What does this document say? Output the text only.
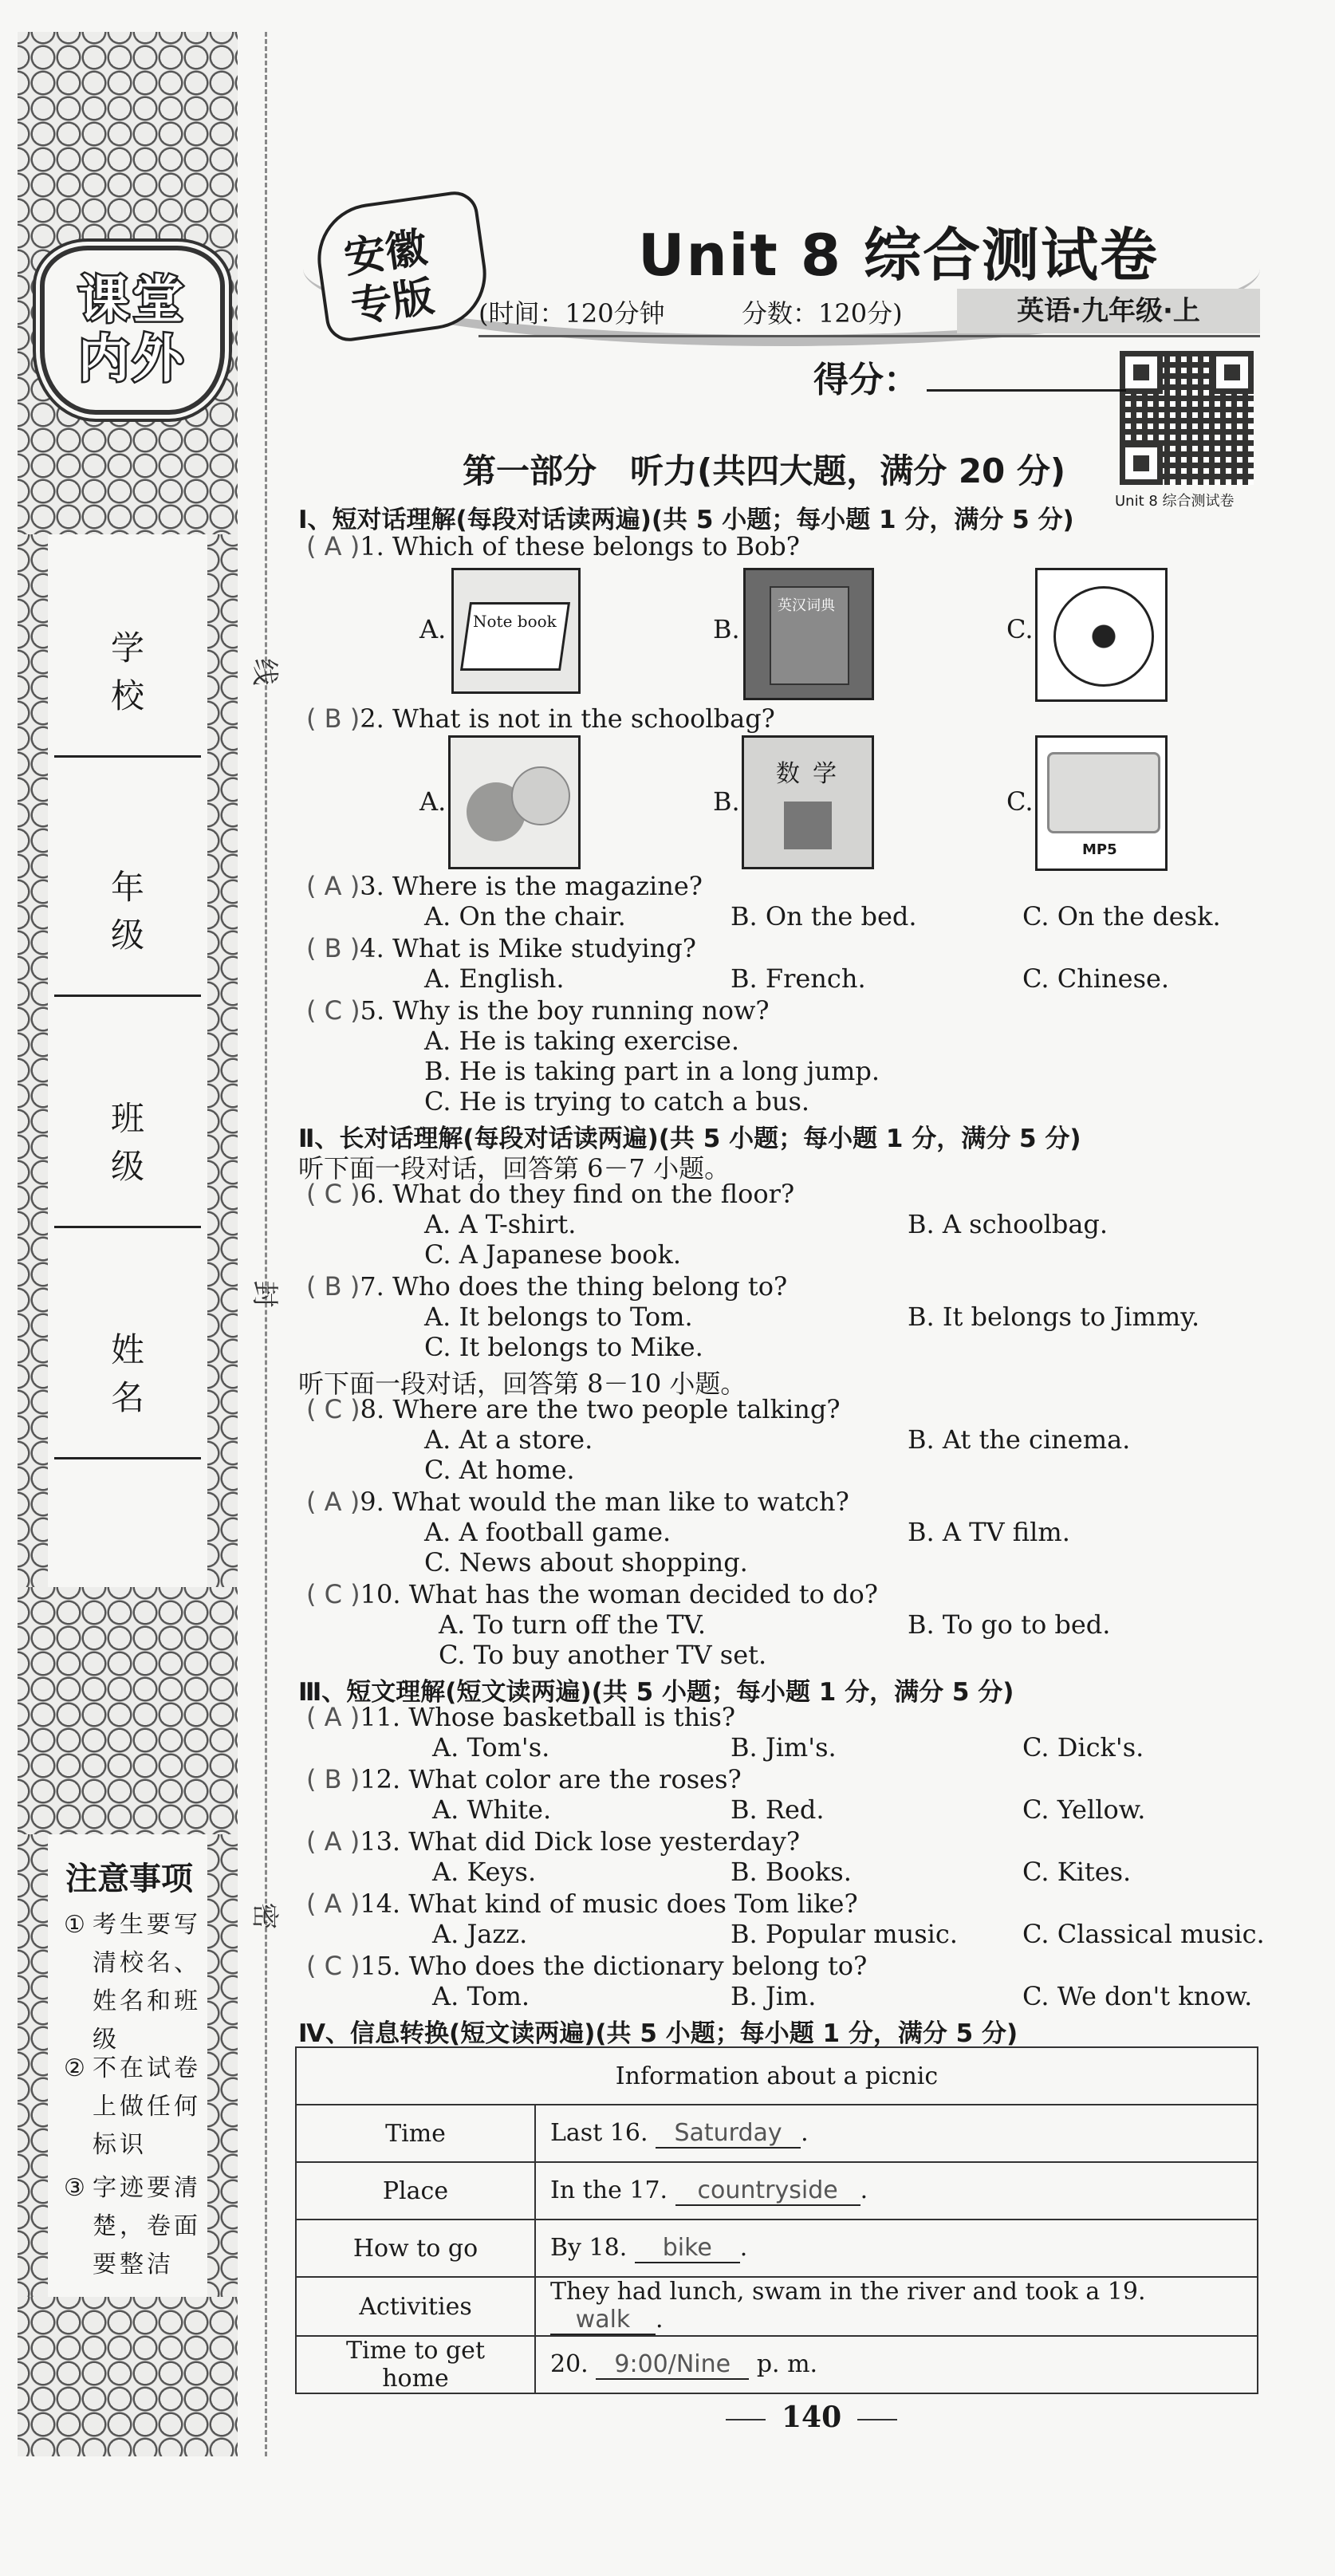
课堂
内外
学校
年级
班级
姓名
注意事项
① 考生要写清校名、姓名和班级
② 不在试卷上做任何标识
③ 字迹要清楚，卷面要整洁
线
封
密
安徽
专版
Unit 8 综合测试卷
(时间：120分钟	分数：120分)	英语·九年级·上
得分：
Unit 8 综合测试卷
第一部分　听力(共四大题，满分 20 分)
Ⅰ、短对话理解(每段对话读两遍)(共 5 小题；每小题 1 分，满分 5 分)
( A )1. Which of these belongs to Bob?
A. Note book	B.
英汉词典
C.
( B )2. What is not in the schoolbag?
A.	B.
数学
C.
MP5
( A )3. Where is the magazine?
A. On the chair.	B. On the bed.	C. On the desk.
( B )4. What is Mike studying?
A. English.	B. French.	C. Chinese.
( C )5. Why is the boy running now?
A. He is taking exercise.
B. He is taking part in a long jump.
C. He is trying to catch a bus.
Ⅱ、长对话理解(每段对话读两遍)(共 5 小题；每小题 1 分，满分 5 分)
听下面一段对话，回答第 6－7 小题。
( C )6. What do they find on the floor?
A. A T-shirt.	B. A schoolbag.
C. A Japanese book.
( B )7. Who does the thing belong to?
A. It belongs to Tom.	B. It belongs to Jimmy.
C. It belongs to Mike.
听下面一段对话，回答第 8－10 小题。
( C )8. Where are the two people talking?
A. At a store.	B. At the cinema.
C. At home.
( A )9. What would the man like to watch?
A. A football game.	B. A TV film.
C. News about shopping.
( C )10. What has the woman decided to do?
A. To turn off the TV.	B. To go to bed.
C. To buy another TV set.
Ⅲ、短文理解(短文读两遍)(共 5 小题；每小题 1 分，满分 5 分)
( A )11. Whose basketball is this?
A. Tom's.	B. Jim's.	C. Dick's.
( B )12. What color are the roses?
A. White.	B. Red.	C. Yellow.
( A )13. What did Dick lose yesterday?
A. Keys.	B. Books.	C. Kites.
( A )14. What kind of music does Tom like?
A. Jazz.	B. Popular music.	C. Classical music.
( C )15. Who does the dictionary belong to?
A. Tom.	B. Jim.	C. We don't know.
Ⅳ、信息转换(短文读两遍)(共 5 小题；每小题 1 分，满分 5 分)
Information about a picnic	
Time	Last 16. Saturday .
Place	In the 17. countryside .
How to go	By 18. bike .
Activities	They had lunch, swam in the river and took a 19. walk .
Time to get home	20. 9:00/Nine p. m.
140
